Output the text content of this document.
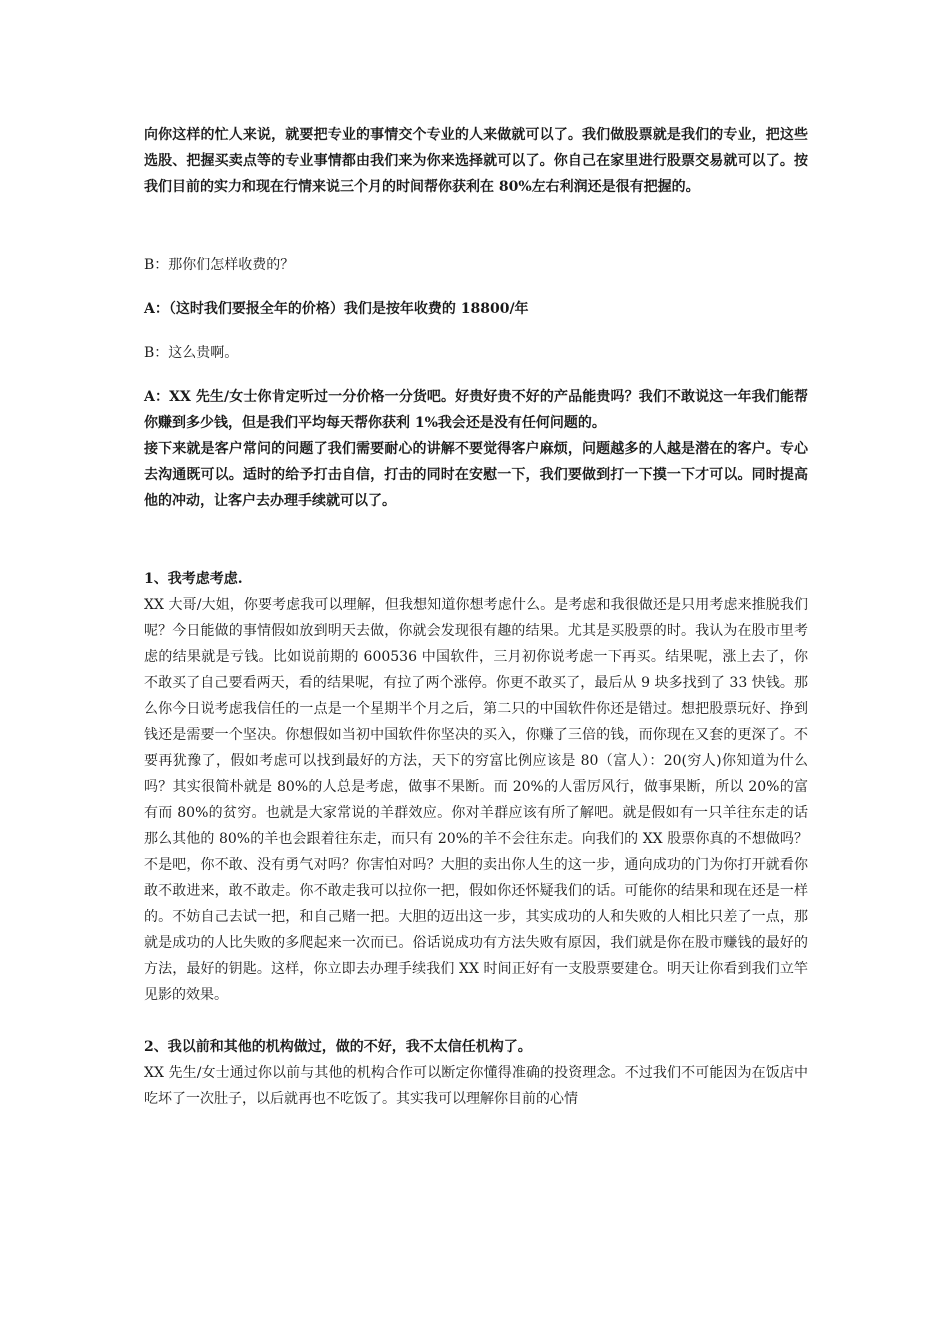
向你这样的忙人来说，就要把专业的事情交个专业的人来做就可以了。我们做股票就是我们的专业，把这些选股、把握买卖点等的专业事情都由我们来为你来选择就可以了。你自己在家里进行股票交易就可以了。按我们目前的实力和现在行情来说三个月的时间帮你获利在 80%左右利润还是很有把握的。

B：那你们怎样收费的？

A：（这时我们要报全年的价格）我们是按年收费的 18800/年

B：这么贵啊。

A：XX 先生/女士你肯定听过一分价格一分货吧。好贵好贵不好的产品能贵吗？我们不敢说这一年我们能帮你赚到多少钱，但是我们平均每天帮你获利 1%我会还是没有任何问题的。

接下来就是客户常问的问题了我们需要耐心的讲解不要觉得客户麻烦，问题越多的人越是潜在的客户。专心去沟通既可以。适时的给予打击自信，打击的同时在安慰一下，我们要做到打一下摸一下才可以。同时提高他的冲动，让客户去办理手续就可以了。

1、我考虑考虑.

XX 大哥/大姐，你要考虑我可以理解，但我想知道你想考虑什么。是考虑和我很做还是只用考虑来推脱我们呢？今日能做的事情假如放到明天去做，你就会发现很有趣的结果。尤其是买股票的时。我认为在股市里考虑的结果就是亏钱。比如说前期的 600536 中国软件，三月初你说考虑一下再买。结果呢，涨上去了，你不敢买了自己要看两天，看的结果呢，有拉了两个涨停。你更不敢买了，最后从 9 块多找到了 33 快钱。那么你今日说考虑我信任的一点是一个星期半个月之后，第二只的中国软件你还是错过。想把股票玩好、挣到钱还是需要一个坚决。你想假如当初中国软件你坚决的买入，你赚了三倍的钱，而你现在又套的更深了。不要再犹豫了，假如考虑可以找到最好的方法，天下的穷富比例应该是 80（富人）：20(穷人)你知道为什么吗？其实很简朴就是 80%的人总是考虑，做事不果断。而 20%的人雷厉风行，做事果断，所以 20%的富有而 80%的贫穷。也就是大家常说的羊群效应。你对羊群应该有所了解吧。就是假如有一只羊往东走的话那么其他的 80%的羊也会跟着往东走，而只有 20%的羊不会往东走。向我们的 XX 股票你真的不想做吗？不是吧，你不敢、没有勇气对吗？你害怕对吗？大胆的卖出你人生的这一步，通向成功的门为你打开就看你敢不敢进来，敢不敢走。你不敢走我可以拉你一把，假如你还怀疑我们的话。可能你的结果和现在还是一样的。不妨自己去试一把，和自己赌一把。大胆的迈出这一步，其实成功的人和失败的人相比只差了一点，那就是成功的人比失败的多爬起来一次而已。俗话说成功有方法失败有原因，我们就是你在股市赚钱的最好的方法，最好的钥匙。这样，你立即去办理手续我们 XX 时间正好有一支股票要建仓。明天让你看到我们立竿见影的效果。

2、我以前和其他的机构做过，做的不好，我不太信任机构了。

XX 先生/女士通过你以前与其他的机构合作可以断定你懂得准确的投资理念。不过我们不可能因为在饭店中吃坏了一次肚子，以后就再也不吃饭了。其实我可以理解你目前的心情
